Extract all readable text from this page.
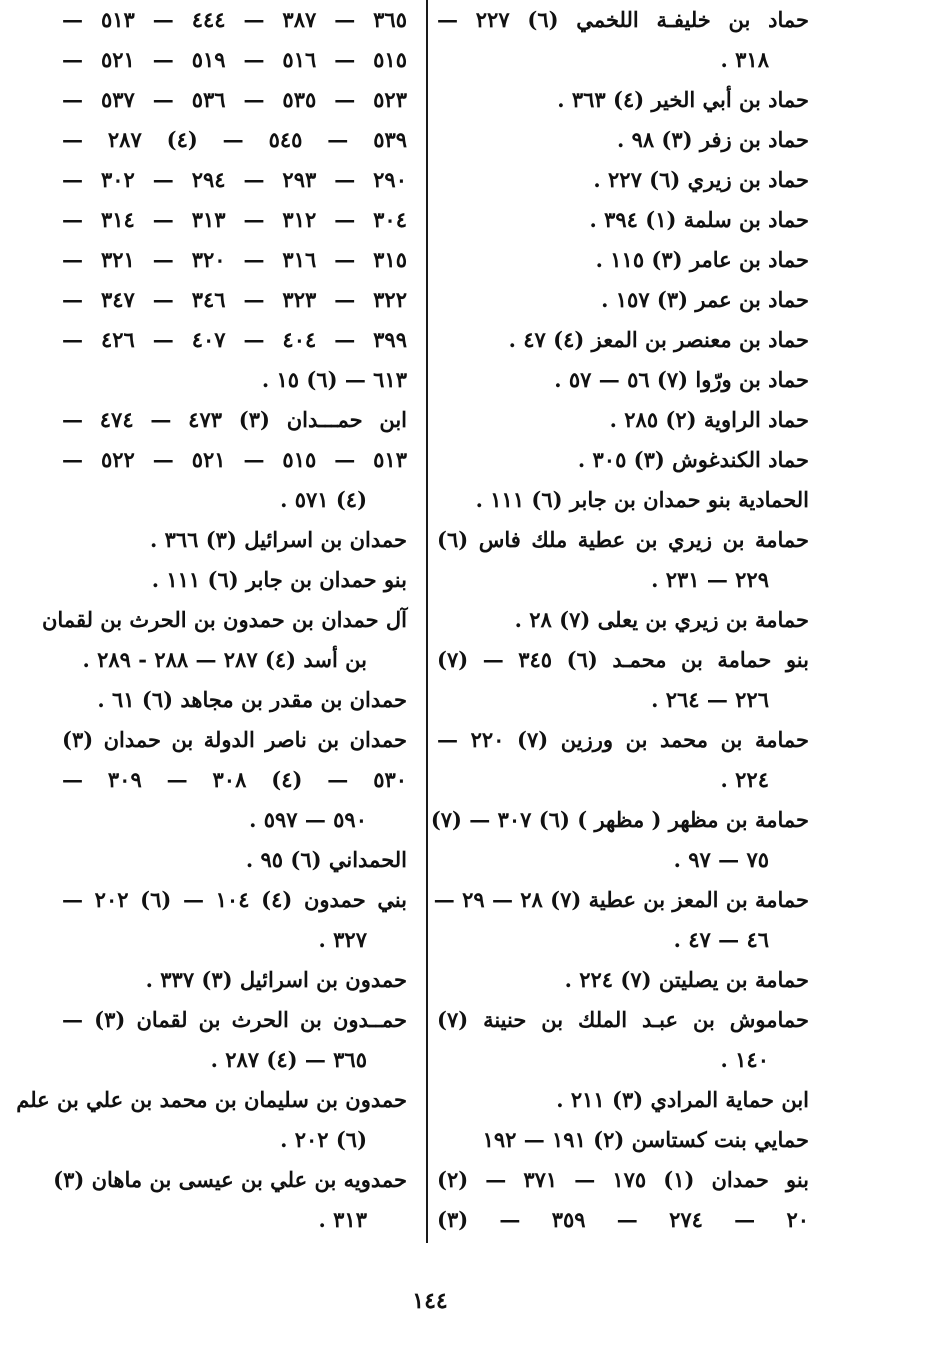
حماد بن خليفـة اللخمي (٦) ٢٢٧ —
٣١٨ .
حماد بن أبي الخير (٤) ٣٦٣ .
حماد بن زفر (٣) ٩٨ .
حماد بن زيري (٦) ٢٢٧ .
حماد بن سلمة (١) ٣٩٤ .
حماد بن عامر (٣) ١١٥ .
حماد بن عمر (٣) ١٥٧ .
حماد بن معنصر بن المعز (٤) ٤٧ .
حماد بن ورّوا (٧) ٥٦ — ٥٧ .
حماد الراوية (٢) ٢٨٥ .
حماد الكندغوش (٣) ٣٠٥ .
الحمادية بنو حمدان بن جابر (٦) ١١١ .
حمامة بن زيري بن عطية ملك فاس (٦)
٢٢٩ — ٢٣١ .
حمامة بن زيري بن يعلى (٧) ٢٨ .
بنو حمامة بن محمـد (٦) ٣٤٥ — (٧)
٢٢٦ — ٢٦٤ .
حمامة بن محمد بن ورزين (٧) ٢٢٠ —
٢٢٤ .
حمامة بن مظهر ( مظهر ) (٦) ٣٠٧ — (٧)
٧٥ — ٩٧ .
حمامة بن المعز بن عطية (٧) ٢٨ — ٢٩ —
٤٦ — ٤٧ .
حمامة بن يصليتن (٧) ٢٢٤ .
حماموش بن عبـد الملك بن حنينة (٧)
١٤٠ .
ابن حماية المرادي (٣) ٢١١ .
حمايي بنت كستاسن (٢) ١٩١ — ١٩٢
بنو حمدان (١) ١٧٥ — ٣٧١ — (٢)
٢٠ — ٢٧٤ — ٣٥٩ — (٣)
٣٦٥ — ٣٨٧ — ٤٤٤ — ٥١٣ —
٥١٥ — ٥١٦ — ٥١٩ — ٥٢١ —
٥٢٣ — ٥٣٥ — ٥٣٦ — ٥٣٧ —
٥٣٩ — ٥٤٥ — (٤) ٢٨٧ —
٢٩٠ — ٢٩٣ — ٢٩٤ — ٣٠٢ —
٣٠٤ — ٣١٢ — ٣١٣ — ٣١٤ —
٣١٥ — ٣١٦ — ٣٢٠ — ٣٢١ —
٣٢٢ — ٣٢٣ — ٣٤٦ — ٣٤٧ —
٣٩٩ — ٤٠٤ — ٤٠٧ — ٤٢٦ —
٦١٣ — (٦) ١٥ .
ابن حمـــدان (٣) ٤٧٣ — ٤٧٤ —
٥١٣ — ٥١٥ — ٥٢١ — ٥٢٢ —
(٤) ٥٧١ .
حمدان بن اسرائيل (٣) ٣٦٦ .
بنو حمدان بن جابر (٦) ١١١ .
آل حمدان بن حمدون بن الحرث بن لقمان
بن أسد (٤) ٢٨٧ — ٢٨٨ - ٢٨٩ .
حمدان بن مقدر بن مجاهد (٦) ٦١ .
حمدان بن ناصر الدولة بن حمدان (٣)
٥٣٠ — (٤) ٣٠٨ — ٣٠٩ —
٥٩٠ — ٥٩٧ .
الحمداني (٦) ٩٥ .
بني حمدون (٤) ١٠٤ — (٦) ٢٠٢ —
٣٢٧ .
حمدون بن اسرائيل (٣) ٣٣٧ .
حمــدون بن الحرث بن لقمان (٣) —
٣٦٥ — (٤) ٢٨٧ .
حمدون بن سليمان بن محمد بن علي بن علم
(٦) ٢٠٢ .
حمدويه بن علي بن عيسى بن ماهان (٣)
٣١٣ .
١٤٤
